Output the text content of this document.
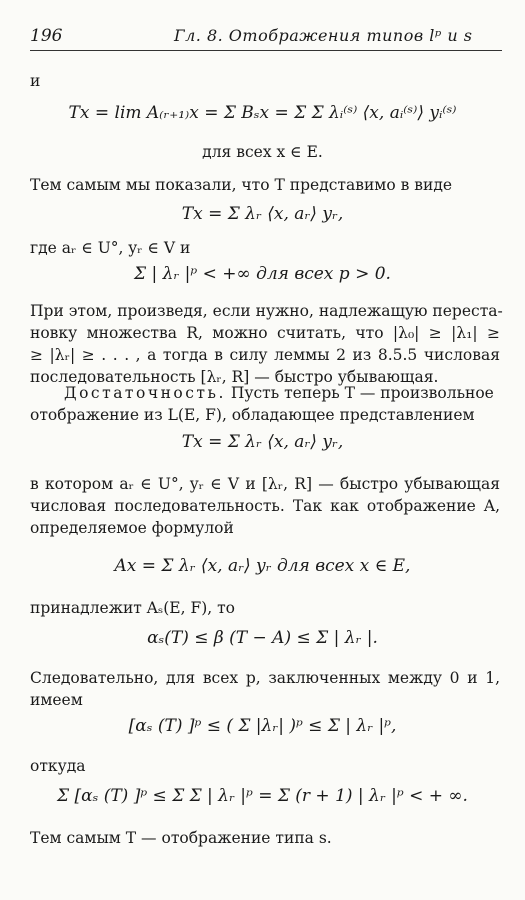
196	Гл. 8. Отображения типов lᵖ и s
и
Tx = lim A₍ᵣ₊₁₎x = Σ Bₛx = Σ Σ λᵢ⁽ˢ⁾ ⟨x, aᵢ⁽ˢ⁾⟩ yᵢ⁽ˢ⁾
для всех x ∈ E.
Тем самым мы показали, что T представимо в виде
Tx = Σ λᵣ ⟨x, aᵣ⟩ yᵣ,
где aᵣ ∈ U°, yᵣ ∈ V и
Σ | λᵣ |ᵖ < +∞ для всех p > 0.
При этом, произведя, если нужно, надлежащую переста-
новку множества R, можно считать, что |λ₀| ≥ |λ₁| ≥
≥ |λᵣ| ≥ . . . , а тогда в силу леммы 2 из 8.5.5 числовая
последовательность [λᵣ, R] — быстро убывающая.
Достаточность. Пусть теперь T — произвольное
отображение из L(E, F), обладающее представлением
Tx = Σ λᵣ ⟨x, aᵣ⟩ yᵣ,
в котором aᵣ ∈ U°, yᵣ ∈ V и [λᵣ, R] — быстро убывающая
числовая последовательность. Так как отображение A,
определяемое формулой
Ax = Σ λᵣ ⟨x, aᵣ⟩ yᵣ для всех x ∈ E,
принадлежит Aₛ(E, F), то
αₛ(T) ≤ β (T − A) ≤ Σ | λᵣ |.
Следовательно, для всех p, заключенных между 0 и 1,
имеем
[αₛ (T) ]ᵖ ≤ ( Σ |λᵣ| )ᵖ ≤ Σ | λᵣ |ᵖ,
откуда
Σ [αₛ (T) ]ᵖ ≤ Σ Σ | λᵣ |ᵖ = Σ (r + 1) | λᵣ |ᵖ < + ∞.
Тем самым T — отображение типа s.
